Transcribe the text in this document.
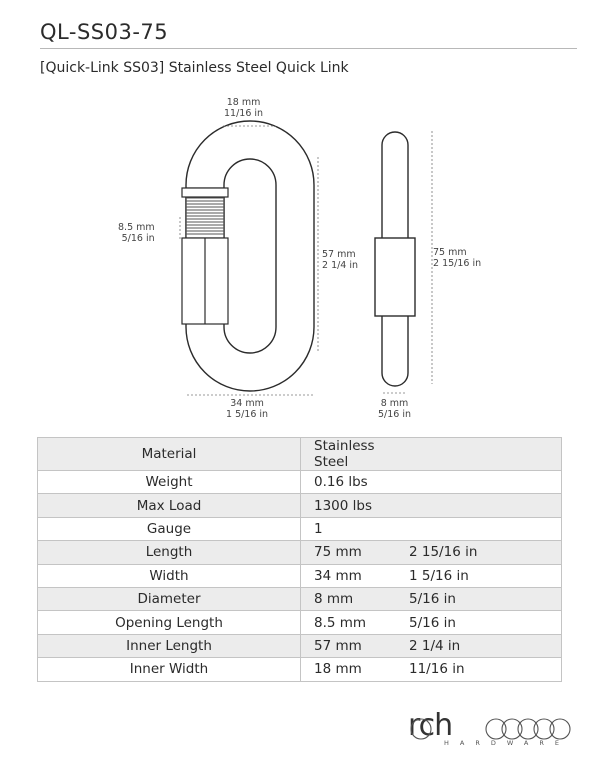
QL-SS03-75
[Quick-Link SS03] Stainless Steel Quick Link
18 mm
11/16 in
8.5 mm
5/16 in
57 mm
2 1/4 in
75 mm
2 15/16 in
34 mm
1 5/16 in
8 mm
5/16 in
Material	Stainless Steel
Weight	0.16 lbs
Max Load	1300 lbs
Gauge	1
Length	75 mm 2 15/16 in
Width	34 mm 1 5/16 in
Diameter	8 mm 5/16 in
Opening Length	8.5 mm 5/16 in
Inner Length	57 mm 2 1/4 in
Inner Width	18 mm 11/16 in
rch
HARDWARE
